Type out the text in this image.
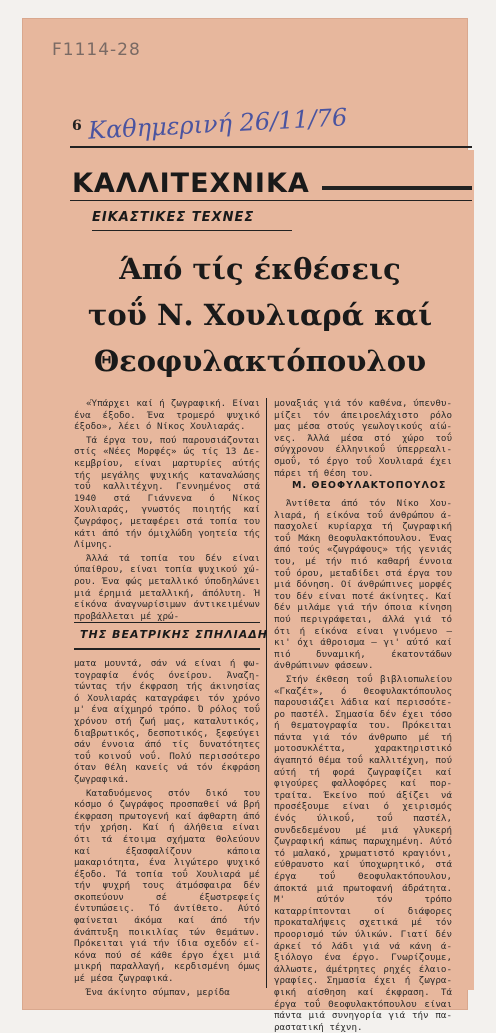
F1114-28
6 Καθημερινή 26/11/76
ΚΑΛΛΙΤΕΧΝΙΚΑ
ΕΙΚΑΣΤΙΚΕΣ ΤΕΧΝΕΣ
Άπό τίς έκθέσεις
τοΰ Ν. Χουλιαρά καί
Θεοφυλακτόπουλου

«Ύπάρχει καί ή ζωγραφική. Είναι ένα έξοδο. Ένα τρομερό ψυχικό έξοδο», λέει ό Νίκος Χουλιαράς.

Τά έργα του, πού παρουσιάζονται στίς «Νέες Μορφές» ώς τίς 13 Δεκεμβρίου, είναι μαρτυρίες αύτής τής μεγάλης ψυχικής καταναλώσης τοΰ καλλιτέχνη. Γεννημένος στά 1940 στά Γιάννενα ό Νίκος Χουλιαράς, γνωστός ποιητής καί ζωγράφος, μεταφέρει στά τοπία του κάτι άπό τήν όμιχλώδη γοητεία τής Λίμνης.

Άλλά τά τοπία του δέν είναι ύπαίθρου, είναι τοπία ψυχικού χώρου. Ένα φώς μεταλλικό ύποδηλώνει μιά έρημιά μεταλλική, άπόλυτη. Ή είκόνα άναγνωρίσιμων άντικειμένων προβάλλεται μέ χρώ-

ΤΗΣ ΒΕΑΤΡΙΚΗΣ ΣΠΗΛΙΑΔΗ

ματα μουντά, σάν νά είναι ή φωτογραφία ένός όνείρου. Άναζητώντας τήν έκφραση τής άκινησίας ό Χουλιαράς καταγράφει τόν χρόνο μ' ένα αίχμηρό τρόπο. Ό ρόλος τοΰ χρόνου στή ζωή μας, καταλυτικός, διαβρωτικός, δεσποτικός, ξεφεύγει σάν έννοια άπό τίς δυνατότητες τοΰ κοινοΰ νοΰ. Πολύ περισσότερο όταν θέλη κανείς νά τόν έκφράση ζωγραφικά.

Καταδυόμενος στόν δικό του κόσμο ό ζωγράφος προσπαθεί νά βρή έκφραση πρωτογενή καί άφθαρτη άπό τήν χρήση. Καί ή άλήθεια είναι ότι τά έτοιμα σχήματα θολεύουν καί έξασφαλίζουν κάποια μακαριότητα, ένα λιγώτερο ψυχικό έξοδο. Τά τοπία τοΰ Χουλιαρά μέ τήν ψυχρή τους άτμόσφαιρα δέν σκοπεύουν σέ έξωστρεφείς έντυπώσεις. Τό άντίθετο. Αύτό φαίνεται άκόμα καί άπό τήν άνάπτυξη ποικιλίας τών θεμάτων. Πρόκειται γιά τήν ίδια σχεδόν είκόνα πού σέ κάθε έργο έχει μιά μικρή παραλλαγή, κερδισμένη όμως μέ μέσα ζωγραφικά.

Ένα άκίνητο σύμπαν, μερίδα

μοναξιάς γιά τόν καθένα, ύπενθυμίζει τόν άπειροελάχιστο ρόλο μας μέσα στούς γεωλογικούς αίώνες. Άλλά μέσα στό χώρο τοΰ σύγχρονου έλληνικοΰ ύπερρεαλισμοΰ, τό έργο τοΰ Χουλιαρά έχει πάρει τή θέση του.

Μ. ΘΕΟΦΥΛΑΚΤΟΠΟΥΛΟΣ

Άντίθετα άπό τόν Νίκο Χουλιαρά, ή είκόνα τοΰ άνθρώπου άπασχολεί κυρίαρχα τή ζωγραφική τοΰ Μάκη Θεοφυλακτόπουλου. Ένας άπό τούς «ζωγράφους» τής γενιάς του, μέ τήν πιό καθαρή έννοια τοΰ όρου, μεταδίδει στά έργα του μιά δόνηση. Οί άνθρώπινες μορφές του δέν είναι ποτέ άκίνητες. Καί δέν μιλάμε γιά τήν όποια κίνηση πού περιγράφεται, άλλά γιά τό ότι ή είκόνα είναι γινόμενο — κι' όχι άθροισμα — γι' αύτό καί πιό δυναμική, έκατοντάδων άνθρώπινων φάσεων.

Στήν έκθεση τοΰ βιβλιοπωλείου «Γκαζέτ», ό Θεοφυλακτόπουλος παρουσιάζει λάδια καί περισσότερο παστέλ. Σημασία δέν έχει τόσο ή θεματογραφία του. Πρόκειται πάντα γιά τόν άνθρωπο μέ τή μοτοσυκλέττα, χαρακτηριστικό άγαπητό θέμα τοΰ καλλιτέχνη, πού αύτή τή φορά ζωγραφίζει καί φιγούρες φαλλοφόρες καί πορτραίτα. Έκείνο πού άξίζει νά προσέξουμε είναι ό χειρισμός ένός ύλικοΰ, τοΰ παστέλ, συνδεδεμένου μέ μιά γλυκερή ζωγραφική κάπως παρωχημένη. Αύτό τό μαλακό, χρωματιστό κραγιόνι, εύθραυστο καί ύποχωρητικό, στά έργα τοΰ Θεοφυλακτόπουλου, άποκτά μιά πρωτοφανή άδράτητα. Μ' αύτόν τόν τρόπο καταρρίπτονται οί διάφορες προκαταλήψεις σχετικά μέ τόν προορισμό τών ύλικών. Γιατί δέν άρκεί τό λάδι γιά νά κάνη άξιόλογο ένα έργο. Γνωρίζουμε, άλλωστε, άμέτρητες ρηχές έλαιογραφίες. Σημασία έχει ή ζωγραφική αίσθηση καί έκφραση. Τά έργα τοΰ Θεοφυλακτόπουλου είναι πάντα μιά συνηγορία γιά τήν παραστατική τέχνη.
